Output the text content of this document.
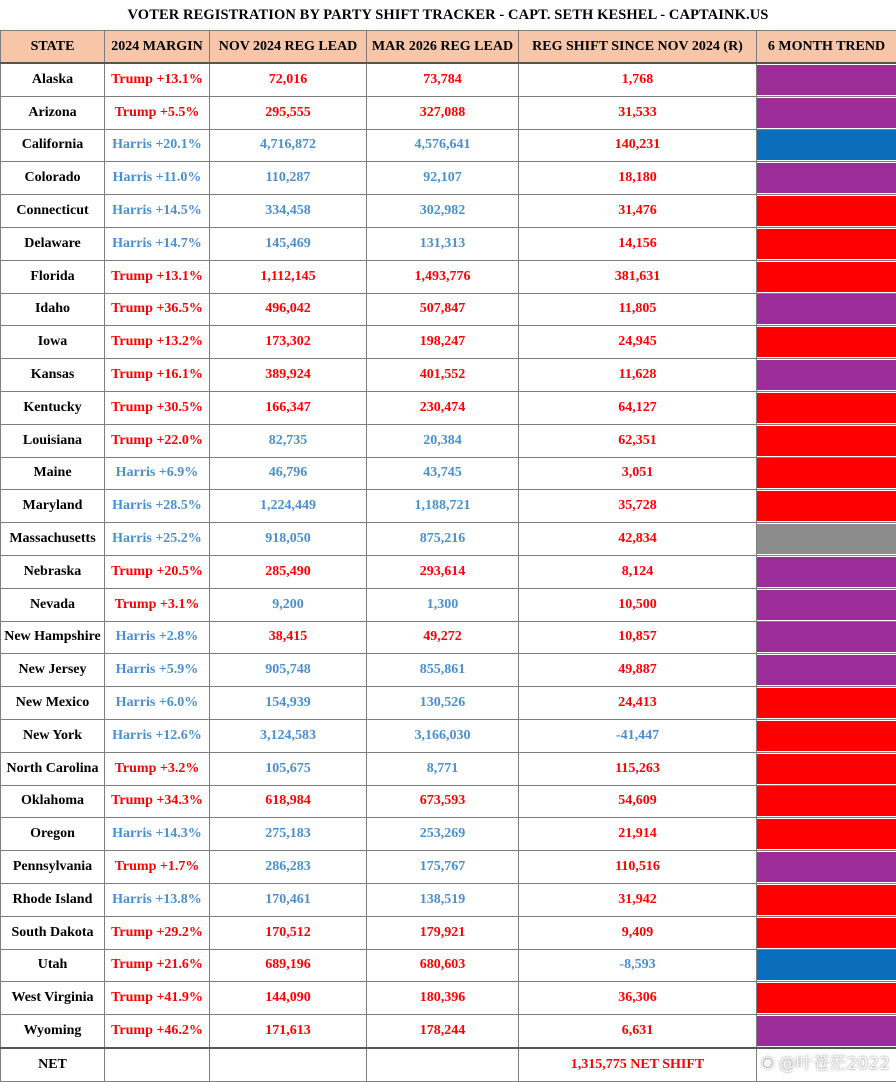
VOTER REGISTRATION BY PARTY SHIFT TRACKER - CAPT. SETH KESHEL - CAPTAINK.US
STATE	2024 MARGIN	NOV 2024 REG LEAD	MAR 2026 REG LEAD	REG SHIFT SINCE NOV 2024 (R)	6 MONTH TREND
Alaska	Trump +13.1%	72,016	73,784	1,768	

Arizona	Trump +5.5%	295,555	327,088	31,533	

California	Harris +20.1%	4,716,872	4,576,641	140,231	

Colorado	Harris +11.0%	110,287	92,107	18,180	

Connecticut	Harris +14.5%	334,458	302,982	31,476	

Delaware	Harris +14.7%	145,469	131,313	14,156	

Florida	Trump +13.1%	1,112,145	1,493,776	381,631	

Idaho	Trump +36.5%	496,042	507,847	11,805	

Iowa	Trump +13.2%	173,302	198,247	24,945	

Kansas	Trump +16.1%	389,924	401,552	11,628	

Kentucky	Trump +30.5%	166,347	230,474	64,127	

Louisiana	Trump +22.0%	82,735	20,384	62,351	

Maine	Harris +6.9%	46,796	43,745	3,051	

Maryland	Harris +28.5%	1,224,449	1,188,721	35,728	

Massachusetts	Harris +25.2%	918,050	875,216	42,834	

Nebraska	Trump +20.5%	285,490	293,614	8,124	

Nevada	Trump +3.1%	9,200	1,300	10,500	

New Hampshire	Harris +2.8%	38,415	49,272	10,857	

New Jersey	Harris +5.9%	905,748	855,861	49,887	

New Mexico	Harris +6.0%	154,939	130,526	24,413	

New York	Harris +12.6%	3,124,583	3,166,030	-41,447	

North Carolina	Trump +3.2%	105,675	8,771	115,263	

Oklahoma	Trump +34.3%	618,984	673,593	54,609	

Oregon	Harris +14.3%	275,183	253,269	21,914	

Pennsylvania	Trump +1.7%	286,283	175,767	110,516	

Rhode Island	Harris +13.8%	170,461	138,519	31,942	

South Dakota	Trump +29.2%	170,512	179,921	9,409	

Utah	Trump +21.6%	689,196	680,603	-8,593	

West Virginia	Trump +41.9%	144,090	180,396	36,306	

Wyoming	Trump +46.2%	171,613	178,244	6,631	

NET				1,315,775 NET SHIFT		◉ @叶苍茫2022
